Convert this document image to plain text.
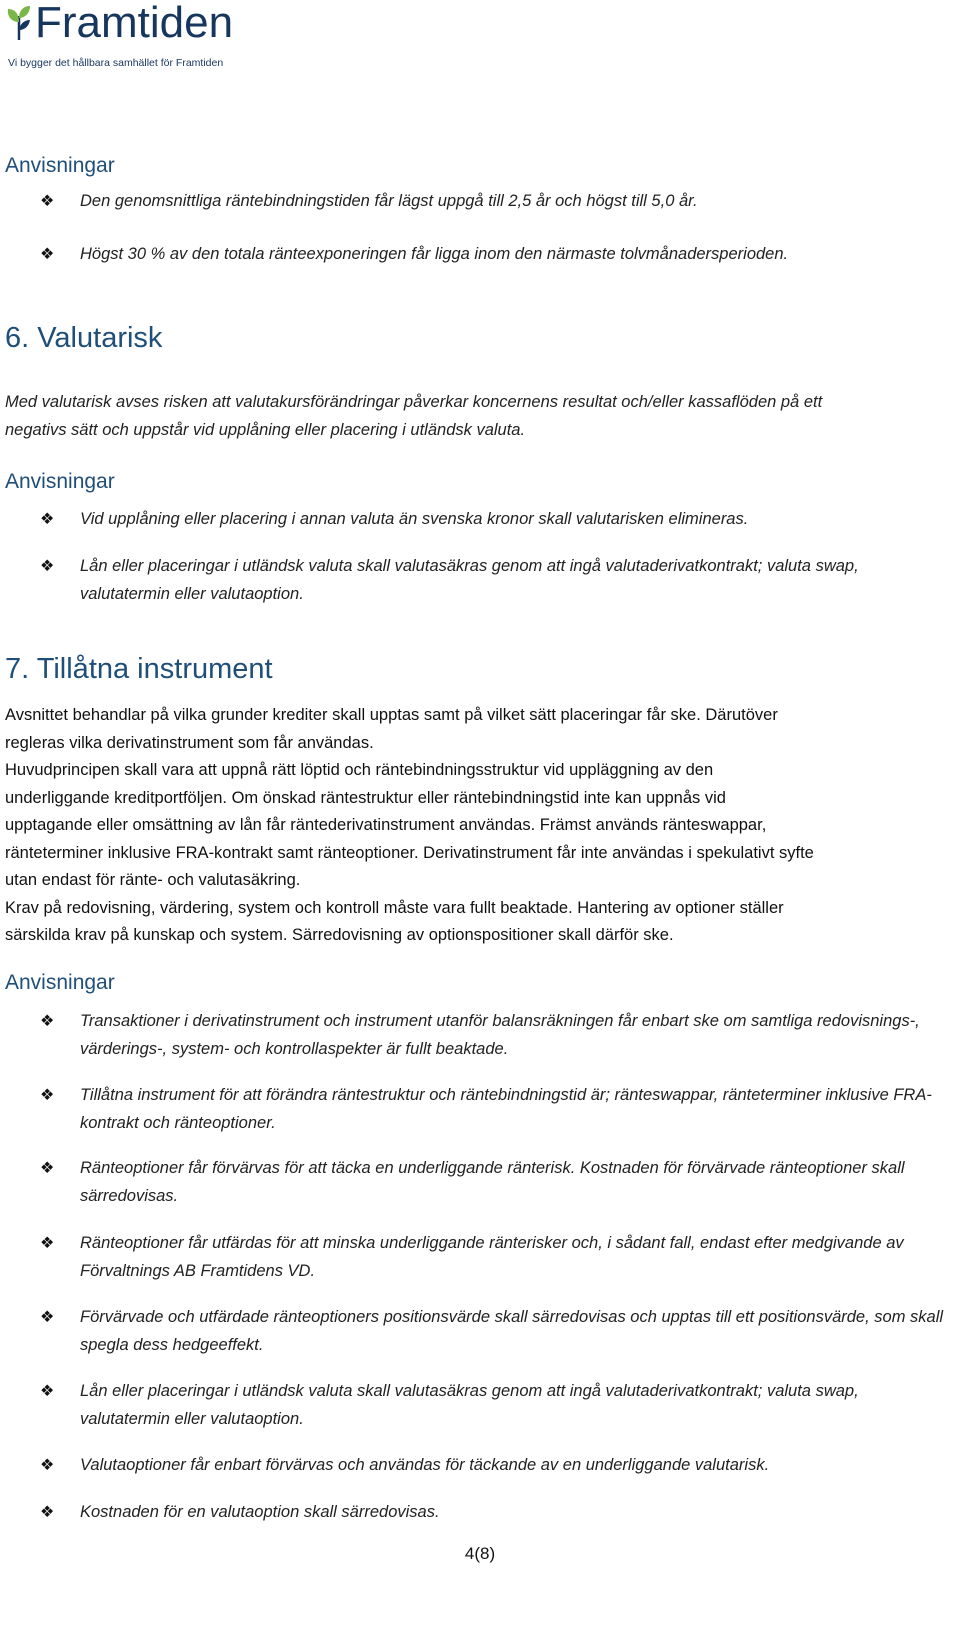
Framtiden
Vi bygger det hållbara samhället för Framtiden
Anvisningar
❖ Den genomsnittliga räntebindningstiden får lägst uppgå till 2,5 år och högst till 5,0 år.
❖ Högst 30 % av den totala ränteexponeringen får ligga inom den närmaste tolvmånadersperioden.
6. Valutarisk
Med valutarisk avses risken att valutakursförändringar påverkar koncernens resultat och/eller kassaflöden på ett
negativs sätt och uppstår vid upplåning eller placering i utländsk valuta.
Anvisningar
❖ Vid upplåning eller placering i annan valuta än svenska kronor skall valutarisken elimineras.
❖ Lån eller placeringar i utländsk valuta skall valutasäkras genom att ingå valutaderivatkontrakt; valuta swap, valutatermin eller valutaoption.
7. Tillåtna instrument
Avsnittet behandlar på vilka grunder krediter skall upptas samt på vilket sätt placeringar får ske. Därutöver
regleras vilka derivatinstrument som får användas.
Huvudprincipen skall vara att uppnå rätt löptid och räntebindningsstruktur vid uppläggning av den
underliggande kreditportföljen. Om önskad räntestruktur eller räntebindningstid inte kan uppnås vid
upptagande eller omsättning av lån får räntederivatinstrument användas. Främst används ränteswappar,
ränteterminer inklusive FRA-kontrakt samt ränteoptioner. Derivatinstrument får inte användas i spekulativt syfte
utan endast för ränte- och valutasäkring.
Krav på redovisning, värdering, system och kontroll måste vara fullt beaktade. Hantering av optioner ställer
särskilda krav på kunskap och system. Särredovisning av optionspositioner skall därför ske.
Anvisningar
❖ Transaktioner i derivatinstrument och instrument utanför balansräkningen får enbart ske om samtliga redovisnings-, värderings-, system- och kontrollaspekter är fullt beaktade.
❖ Tillåtna instrument för att förändra räntestruktur och räntebindningstid är; ränteswappar, ränteterminer inklusive FRA-kontrakt och ränteoptioner.
❖ Ränteoptioner får förvärvas för att täcka en underliggande ränterisk. Kostnaden för förvärvade ränteoptioner skall särredovisas.
❖ Ränteoptioner får utfärdas för att minska underliggande ränterisker och, i sådant fall, endast efter medgivande av Förvaltnings AB Framtidens VD.
❖ Förvärvade och utfärdade ränteoptioners positionsvärde skall särredovisas och upptas till ett positionsvärde, som skall spegla dess hedgeeffekt.
❖ Lån eller placeringar i utländsk valuta skall valutasäkras genom att ingå valutaderivatkontrakt; valuta swap, valutatermin eller valutaoption.
❖ Valutaoptioner får enbart förvärvas och användas för täckande av en underliggande valutarisk.
❖ Kostnaden för en valutaoption skall särredovisas.
4(8)
